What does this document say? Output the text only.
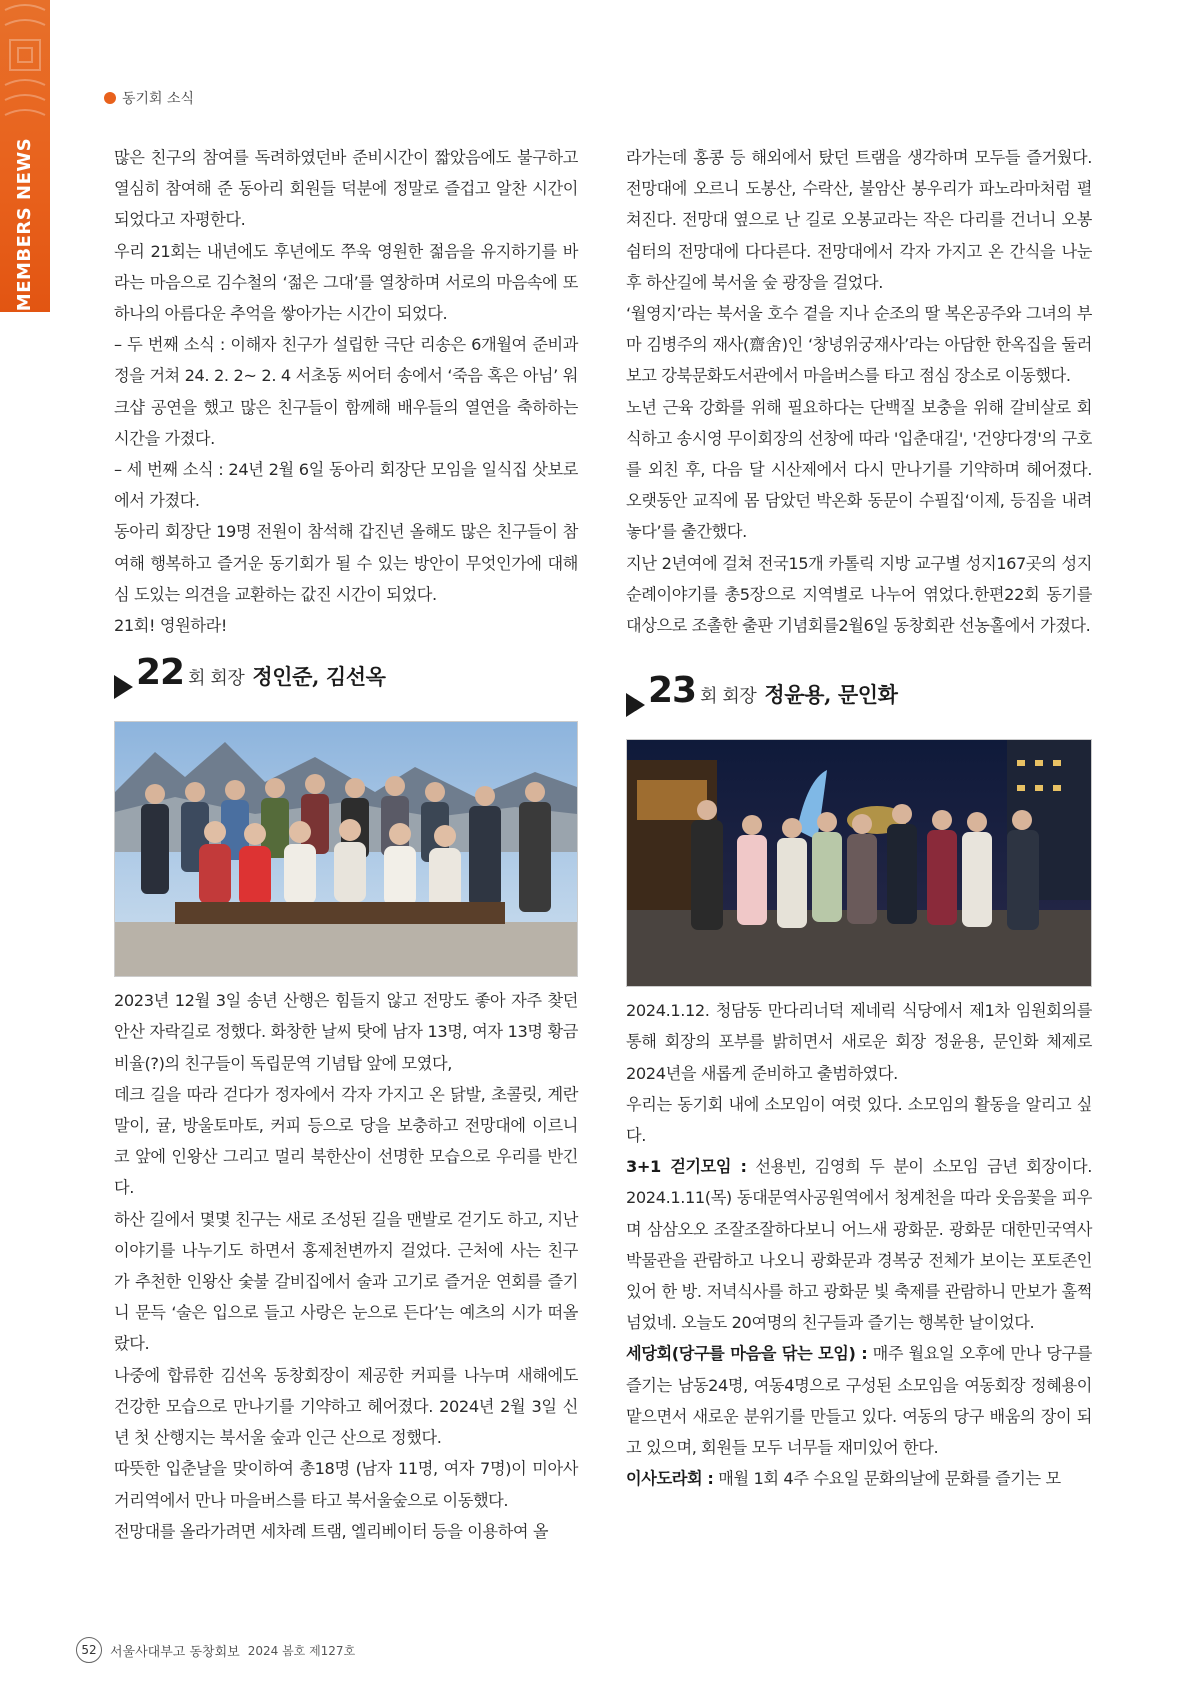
MEMBERS NEWS
동기회 소식

많은 친구의 참여를 독려하였던바 준비시간이 짧았음에도 불구하고 열심히 참여해 준 동아리 회원들 덕분에 정말로 즐겁고 알찬 시간이 되었다고 자평한다.

우리 21회는 내년에도 후년에도 쭈욱 영원한 젊음을 유지하기를 바라는 마음으로 김수철의 ‘젊은 그대’를 열창하며 서로의 마음속에 또 하나의 아름다운 추억을 쌓아가는 시간이 되었다.

– 두 번째 소식 : 이해자 친구가 설립한 극단 리송은 6개월여 준비과정을 거쳐 24. 2. 2~ 2. 4 서초동 씨어터 송에서 ‘죽음 혹은 아님’ 워크샵 공연을 했고 많은 친구들이 함께해 배우들의 열연을 축하하는 시간을 가졌다.

– 세 번째 소식 : 24년 2월 6일 동아리 회장단 모임을 일식집 삿보로에서 가졌다.

동아리 회장단 19명 전원이 참석해 갑진년 올해도 많은 친구들이 참여해 행복하고 즐거운 동기회가 될 수 있는 방안이 무엇인가에 대해 심 도있는 의견을 교환하는 값진 시간이 되었다.

21회! 영원하라!

22 회 회장 정인준, 김선옥

2023년 12월 3일 송년 산행은 힘들지 않고 전망도 좋아 자주 찾던 안산 자락길로 정했다. 화창한 날씨 탓에 남자 13명, 여자 13명 황금 비율(?)의 친구들이 독립문역 기념탑 앞에 모였다,

데크 길을 따라 걷다가 정자에서 각자 가지고 온 닭발, 초콜릿, 계란말이, 귤, 방울토마토, 커피 등으로 당을 보충하고 전망대에 이르니 코 앞에 인왕산 그리고 멀리 북한산이 선명한 모습으로 우리를 반긴다.

하산 길에서 몇몇 친구는 새로 조성된 길을 맨발로 걷기도 하고, 지난 이야기를 나누기도 하면서 홍제천변까지 걸었다. 근처에 사는 친구가 추천한 인왕산 숯불 갈비집에서 술과 고기로 즐거운 연회를 즐기니 문득 ‘술은 입으로 들고 사랑은 눈으로 든다’는 예츠의 시가 떠올랐다.

나중에 합류한 김선옥 동창회장이 제공한 커피를 나누며 새해에도 건강한 모습으로 만나기를 기약하고 헤어졌다. 2024년 2월 3일 신년 첫 산행지는 북서울 숲과 인근 산으로 정했다.

따뜻한 입춘날을 맞이하여 총18명 (남자 11명, 여자 7명)이 미아사거리역에서 만나 마을버스를 타고 북서울숲으로 이동했다.

전망대를 올라가려면 세차례 트램, 엘리베이터 등을 이용하여 올

라가는데 홍콩 등 해외에서 탔던 트램을 생각하며 모두들 즐거웠다. 전망대에 오르니 도봉산, 수락산, 불암산 봉우리가 파노라마처럼 펼쳐진다. 전망대 옆으로 난 길로 오봉교라는 작은 다리를 건너니 오봉 쉼터의 전망대에 다다른다. 전망대에서 각자 가지고 온 간식을 나눈 후 하산길에 북서울 숲 광장을 걸었다.

‘월영지’라는 북서울 호수 곁을 지나 순조의 딸 복온공주와 그녀의 부마 김병주의 재사(齋舍)인 ‘창녕위궁재사’라는 아담한 한옥집을 둘러 보고 강북문화도서관에서 마을버스를 타고 점심 장소로 이동했다.

노년 근육 강화를 위해 필요하다는 단백질 보충을 위해 갈비살로 회식하고 송시영 무이회장의 선창에 따라 '입춘대길', '건양다경'의 구호를 외친 후, 다음 달 시산제에서 다시 만나기를 기약하며 헤어졌다. 오랫동안 교직에 몸 담았던 박온화 동문이 수필집‘이제, 등짐을 내려놓다’를 출간했다.

지난 2년여에 걸쳐 전국15개 카톨릭 지방 교구별 성지167곳의 성지 순례이야기를 총5장으로 지역별로 나누어 엮었다.한편22회 동기를 대상으로 조촐한 출판 기념회를2월6일 동창회관 선농홀에서 가졌다.

23 회 회장 정윤용, 문인화

2024.1.12. 청담동 만다리너덕 제네릭 식당에서 제1차 임원회의를 통해 회장의 포부를 밝히면서 새로운 회장 정윤용, 문인화 체제로 2024년을 새롭게 준비하고 출범하였다.

우리는 동기회 내에 소모임이 여럿 있다. 소모임의 활동을 알리고 싶다.

3+1 걷기모임 : 선용빈, 김영희 두 분이 소모임 금년 회장이다. 2024.1.11(목) 동대문역사공원역에서 청계천을 따라 웃음꽃을 피우며 삼삼오오 조잘조잘하다보니 어느새 광화문. 광화문 대한민국역사박물관을 관람하고 나오니 광화문과 경복궁 전체가 보이는 포토존인 있어 한 방. 저녁식사를 하고 광화문 빛 축제를 관람하니 만보가 훌쩍 넘었네. 오늘도 20여명의 친구들과 즐기는 행복한 날이었다.

세당회(당구를 마음을 닦는 모임) : 매주 월요일 오후에 만나 당구를 즐기는 남동24명, 여동4명으로 구성된 소모임을 여동회장 정혜용이 맡으면서 새로운 분위기를 만들고 있다. 여동의 당구 배움의 장이 되고 있으며, 회원들 모두 너무들 재미있어 한다.

이사도라회 : 매월 1회 4주 수요일 문화의날에 문화를 즐기는 모

52	서울사대부고 동창회보 2024 봄호 제127호
